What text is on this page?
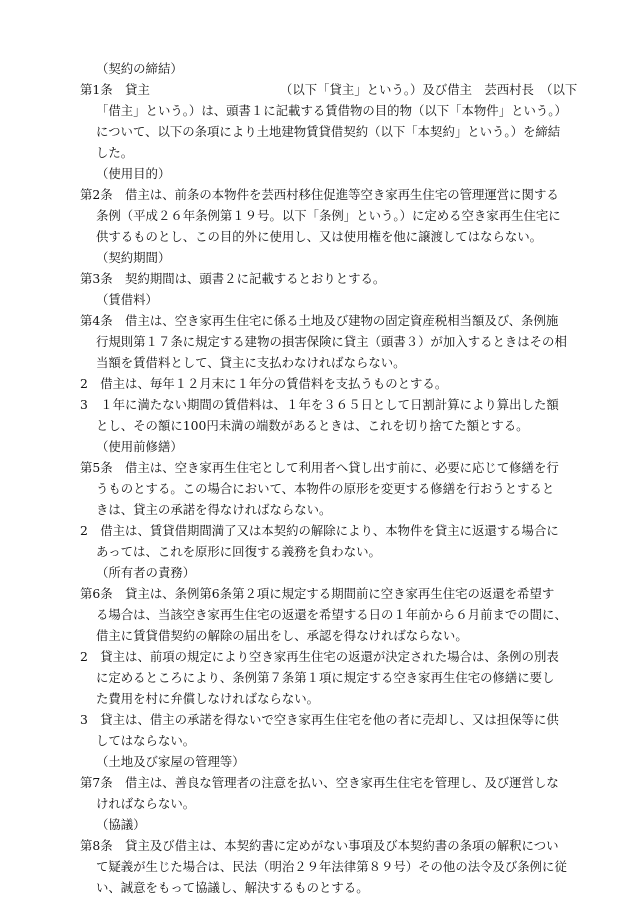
（契約の締結）
第1条　貸主　　　　　　　　　　　（以下「貸主」という。）及び借主　芸西村長　（以下
「借主」という。）は、頭書１に記載する賃借物の目的物（以下「本物件」という。）
について、以下の条項により土地建物賃貸借契約（以下「本契約」という。）を締結
した。
（使用目的）
第2条　借主は、前条の本物件を芸西村移住促進等空き家再生住宅の管理運営に関する
条例（平成２６年条例第１９号。以下「条例」という。）に定める空き家再生住宅に
供するものとし、この目的外に使用し、又は使用権を他に譲渡してはならない。
（契約期間）
第3条　契約期間は、頭書２に記載するとおりとする。
（賃借料）
第4条　借主は、空き家再生住宅に係る土地及び建物の固定資産税相当額及び、条例施
行規則第１７条に規定する建物の損害保険に貸主（頭書３）が加入するときはその相
当額を賃借料として、貸主に支払わなければならない。
2　借主は、毎年１２月末に１年分の賃借料を支払うものとする。
3　１年に満たない期間の賃借料は、１年を３６５日として日割計算により算出した額
とし、その額に100円未満の端数があるときは、これを切り捨てた額とする。
（使用前修繕）
第5条　借主は、空き家再生住宅として利用者へ貸し出す前に、必要に応じて修繕を行
うものとする。この場合において、本物件の原形を変更する修繕を行おうとすると
きは、貸主の承諾を得なければならない。
2　借主は、賃貸借期間満了又は本契約の解除により、本物件を貸主に返還する場合に
あっては、これを原形に回復する義務を負わない。
（所有者の責務）
第6条　貸主は、条例第6条第２項に規定する期間前に空き家再生住宅の返還を希望す
る場合は、当該空き家再生住宅の返還を希望する日の１年前から６月前までの間に、
借主に賃貸借契約の解除の届出をし、承認を得なければならない。
2　貸主は、前項の規定により空き家再生住宅の返還が決定された場合は、条例の別表
に定めるところにより、条例第７条第１項に規定する空き家再生住宅の修繕に要し
た費用を村に弁償しなければならない。
3　貸主は、借主の承諾を得ないで空き家再生住宅を他の者に売却し、又は担保等に供
してはならない。
（土地及び家屋の管理等）
第7条　借主は、善良な管理者の注意を払い、空き家再生住宅を管理し、及び運営しな
ければならない。
（協議）
第8条　貸主及び借主は、本契約書に定めがない事項及び本契約書の条項の解釈につい
て疑義が生じた場合は、民法（明治２９年法律第８９号）その他の法令及び条例に従
い、誠意をもって協議し、解決するものとする。
